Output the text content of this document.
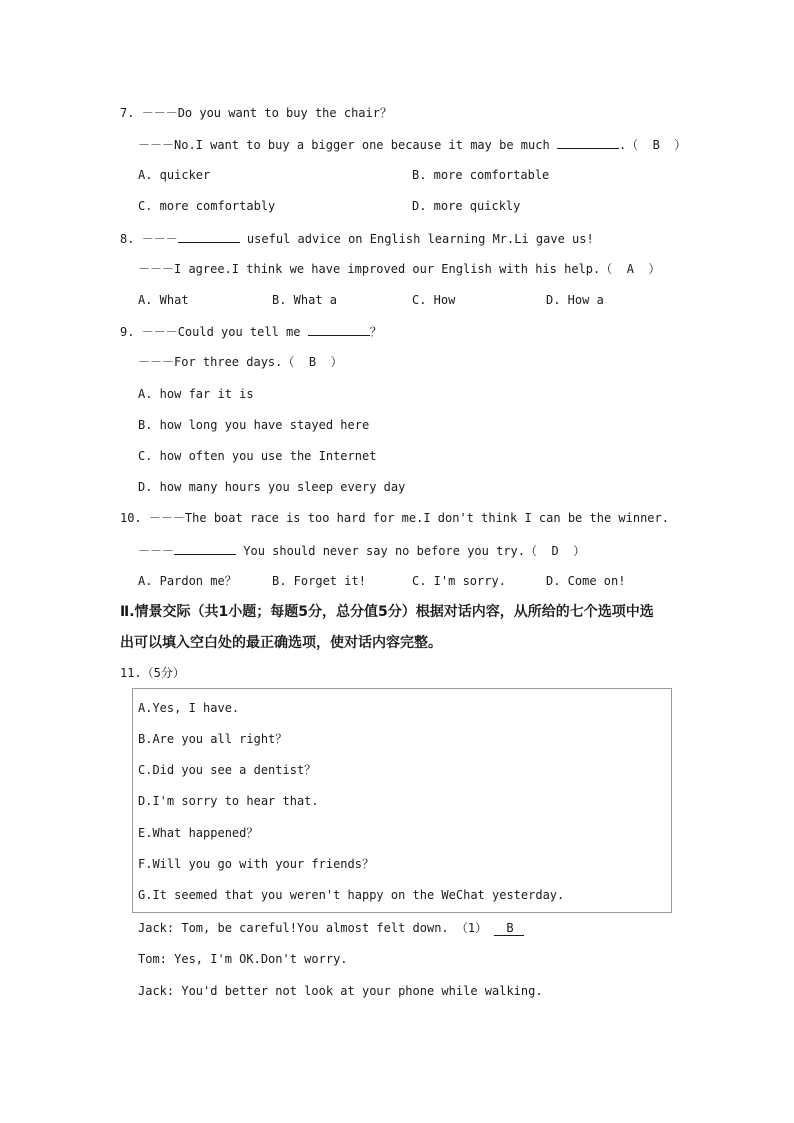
7. －－－Do you want to buy the chair？
－－－No.I want to buy a bigger one because it may be much	.（  B  ）
A. quicker	B. more comfortable
C. more comfortably	D. more quickly
8. －－－	useful advice on English learning Mr.Li gave us!
－－－I agree.I think we have improved our English with his help.（  A  ）
A. What	B. What a	C. How	D. How a
9. －－－Could you tell me	？
－－－For three days.（  B  ）
A. how far it is
B. how long you have stayed here
C. how often you use the Internet
D. how many hours you sleep every day
10. －－－The boat race is too hard for me.I don't think I can be the winner.
－－－	You should never say no before you try.（  D  ）
A. Pardon me？	B. Forget it!	C. I'm sorry.	D. Come on!
Ⅱ.情景交际（共1小题；每题5分，总分值5分）根据对话内容，从所给的七个选项中选
出可以填入空白处的最正确选项，使对话内容完整。
11.（5分）
A.Yes, I have.
B.Are you all right？
C.Did you see a dentist？
D.I'm sorry to hear that.
E.What happened？
F.Will you go with your friends？
G.It seemed that you weren't happy on the WeChat yesterday.
Jack: Tom, be careful!You almost felt down. （1） B
Tom: Yes, I'm OK.Don't worry.
Jack: You'd better not look at your phone while walking.
